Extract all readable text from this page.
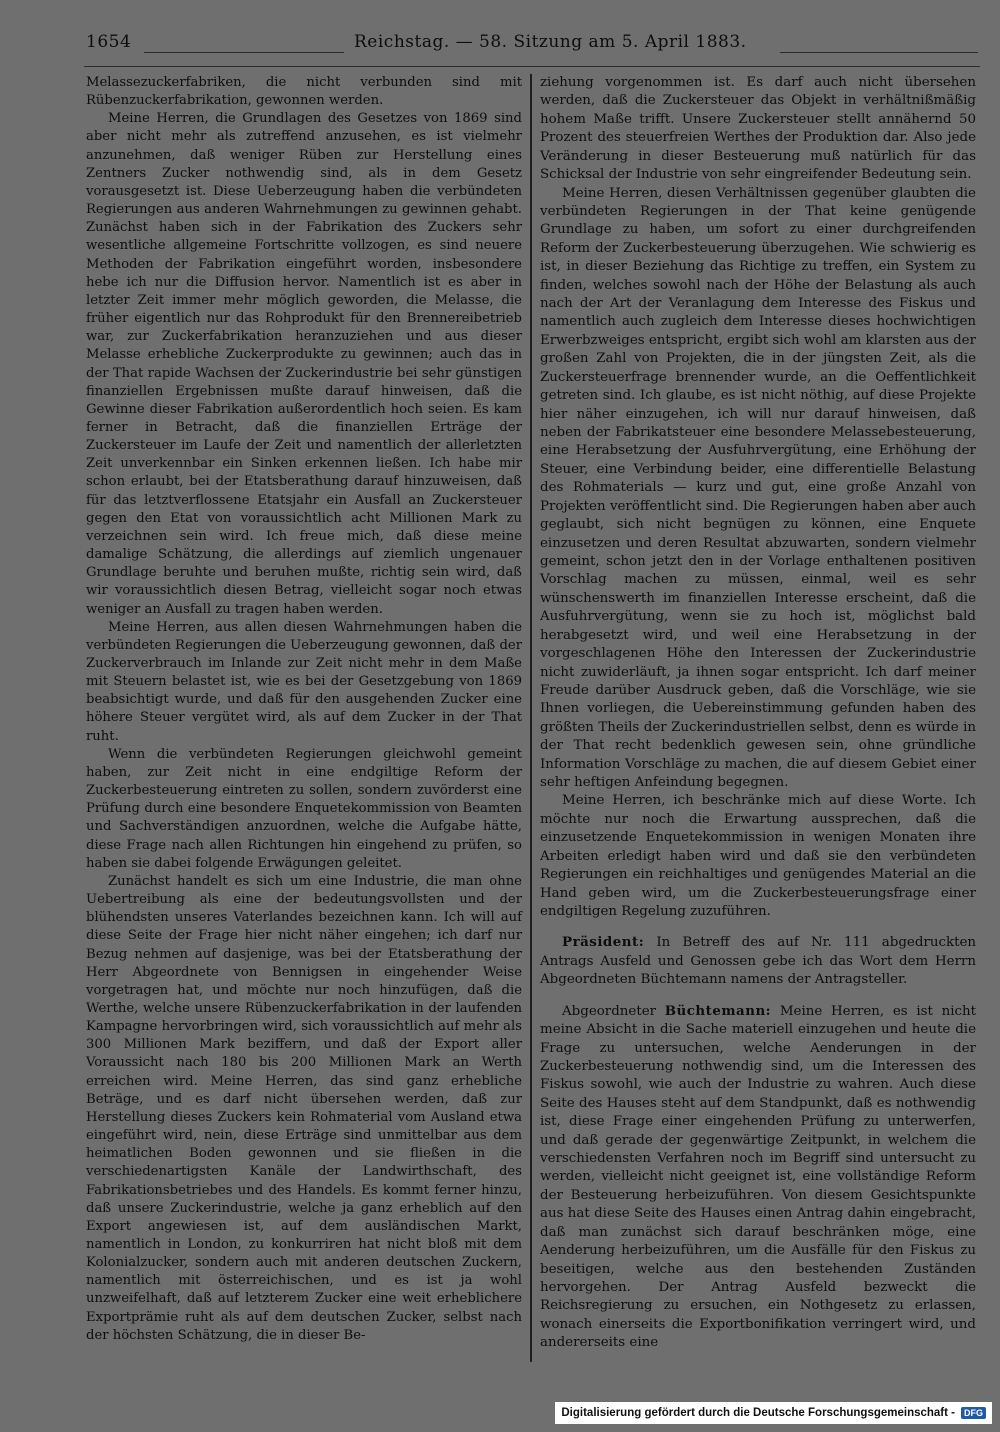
1654	Reichstag. — 58. Sitzung am 5. April 1883.

Melassezuckerfabriken, die nicht verbunden sind mit Rübenzuckerfabrikation, gewonnen werden.

Meine Herren, die Grundlagen des Gesetzes von 1869 sind aber nicht mehr als zutreffend anzusehen, es ist vielmehr anzunehmen, daß weniger Rüben zur Herstellung eines Zentners Zucker nothwendig sind, als in dem Gesetz vorausgesetzt ist. Diese Ueberzeugung haben die verbündeten Regierungen aus anderen Wahrnehmungen zu gewinnen gehabt. Zunächst haben sich in der Fabrikation des Zuckers sehr wesentliche allgemeine Fortschritte vollzogen, es sind neuere Methoden der Fabrikation eingeführt worden, insbesondere hebe ich nur die Diffusion hervor. Namentlich ist es aber in letzter Zeit immer mehr möglich geworden, die Melasse, die früher eigentlich nur das Rohprodukt für den Brennereibetrieb war, zur Zuckerfabrikation heranzuziehen und aus dieser Melasse erhebliche Zuckerprodukte zu gewinnen; auch das in der That rapide Wachsen der Zuckerindustrie bei sehr günstigen finanziellen Ergebnissen mußte darauf hinweisen, daß die Gewinne dieser Fabrikation außerordentlich hoch seien. Es kam ferner in Betracht, daß die finanziellen Erträge der Zuckersteuer im Laufe der Zeit und namentlich der allerletzten Zeit unverkennbar ein Sinken erkennen ließen. Ich habe mir schon erlaubt, bei der Etatsberathung darauf hinzuweisen, daß für das letztverflossene Etatsjahr ein Ausfall an Zuckersteuer gegen den Etat von voraussichtlich acht Millionen Mark zu verzeichnen sein wird. Ich freue mich, daß diese meine damalige Schätzung, die allerdings auf ziemlich ungenauer Grundlage beruhte und beruhen mußte, richtig sein wird, daß wir voraussichtlich diesen Betrag, vielleicht sogar noch etwas weniger an Ausfall zu tragen haben werden.

Meine Herren, aus allen diesen Wahrnehmungen haben die verbündeten Regierungen die Ueberzeugung gewonnen, daß der Zuckerverbrauch im Inlande zur Zeit nicht mehr in dem Maße mit Steuern belastet ist, wie es bei der Gesetzgebung von 1869 beabsichtigt wurde, und daß für den ausgehenden Zucker eine höhere Steuer vergütet wird, als auf dem Zucker in der That ruht.

Wenn die verbündeten Regierungen gleichwohl gemeint haben, zur Zeit nicht in eine endgiltige Reform der Zuckerbesteuerung eintreten zu sollen, sondern zuvörderst eine Prüfung durch eine besondere Enquetekommission von Beamten und Sachverständigen anzuordnen, welche die Aufgabe hätte, diese Frage nach allen Richtungen hin eingehend zu prüfen, so haben sie dabei folgende Erwägungen geleitet.

Zunächst handelt es sich um eine Industrie, die man ohne Uebertreibung als eine der bedeutungsvollsten und der blühendsten unseres Vaterlandes bezeichnen kann. Ich will auf diese Seite der Frage hier nicht näher eingehen; ich darf nur Bezug nehmen auf dasjenige, was bei der Etatsberathung der Herr Abgeordnete von Bennigsen in eingehender Weise vorgetragen hat, und möchte nur noch hinzufügen, daß die Werthe, welche unsere Rübenzuckerfabrikation in der laufenden Kampagne hervorbringen wird, sich voraussichtlich auf mehr als 300 Millionen Mark beziffern, und daß der Export aller Voraussicht nach 180 bis 200 Millionen Mark an Werth erreichen wird. Meine Herren, das sind ganz erhebliche Beträge, und es darf nicht übersehen werden, daß zur Herstellung dieses Zuckers kein Rohmaterial vom Ausland etwa eingeführt wird, nein, diese Erträge sind unmittelbar aus dem heimatlichen Boden gewonnen und sie fließen in die verschiedenartigsten Kanäle der Landwirthschaft, des Fabrikationsbetriebes und des Handels. Es kommt ferner hinzu, daß unsere Zuckerindustrie, welche ja ganz erheblich auf den Export angewiesen ist, auf dem ausländischen Markt, namentlich in London, zu konkurriren hat nicht bloß mit dem Kolonialzucker, sondern auch mit anderen deutschen Zuckern, namentlich mit österreichischen, und es ist ja wohl unzweifelhaft, daß auf letzterem Zucker eine weit erheblichere Exportprämie ruht als auf dem deutschen Zucker, selbst nach der höchsten Schätzung, die in dieser Be-

ziehung vorgenommen ist. Es darf auch nicht übersehen werden, daß die Zuckersteuer das Objekt in verhältnißmäßig hohem Maße trifft. Unsere Zuckersteuer stellt annähernd 50 Prozent des steuerfreien Werthes der Produktion dar. Also jede Veränderung in dieser Besteuerung muß natürlich für das Schicksal der Industrie von sehr eingreifender Bedeutung sein.

Meine Herren, diesen Verhältnissen gegenüber glaubten die verbündeten Regierungen in der That keine genügende Grundlage zu haben, um sofort zu einer durchgreifenden Reform der Zuckerbesteuerung überzugehen. Wie schwierig es ist, in dieser Beziehung das Richtige zu treffen, ein System zu finden, welches sowohl nach der Höhe der Belastung als auch nach der Art der Veranlagung dem Interesse des Fiskus und namentlich auch zugleich dem Interesse dieses hochwichtigen Erwerbzweiges entspricht, ergibt sich wohl am klarsten aus der großen Zahl von Projekten, die in der jüngsten Zeit, als die Zuckersteuerfrage brennender wurde, an die Oeffentlichkeit getreten sind. Ich glaube, es ist nicht nöthig, auf diese Projekte hier näher einzugehen, ich will nur darauf hinweisen, daß neben der Fabrikatsteuer eine besondere Melassebesteuerung, eine Herabsetzung der Ausfuhrvergütung, eine Erhöhung der Steuer, eine Verbindung beider, eine differentielle Belastung des Rohmaterials — kurz und gut, eine große Anzahl von Projekten veröffentlicht sind. Die Regierungen haben aber auch geglaubt, sich nicht begnügen zu können, eine Enquete einzusetzen und deren Resultat abzuwarten, sondern vielmehr gemeint, schon jetzt den in der Vorlage enthaltenen positiven Vorschlag machen zu müssen, einmal, weil es sehr wünschenswerth im finanziellen Interesse erscheint, daß die Ausfuhrvergütung, wenn sie zu hoch ist, möglichst bald herabgesetzt wird, und weil eine Herabsetzung in der vorgeschlagenen Höhe den Interessen der Zuckerindustrie nicht zuwiderläuft, ja ihnen sogar entspricht. Ich darf meiner Freude darüber Ausdruck geben, daß die Vorschläge, wie sie Ihnen vorliegen, die Uebereinstimmung gefunden haben des größten Theils der Zuckerindustriellen selbst, denn es würde in der That recht bedenklich gewesen sein, ohne gründliche Information Vorschläge zu machen, die auf diesem Gebiet einer sehr heftigen Anfeindung begegnen.

Meine Herren, ich beschränke mich auf diese Worte. Ich möchte nur noch die Erwartung aussprechen, daß die einzusetzende Enquetekommission in wenigen Monaten ihre Arbeiten erledigt haben wird und daß sie den verbündeten Regierungen ein reichhaltiges und genügendes Material an die Hand geben wird, um die Zuckerbesteuerungsfrage einer endgiltigen Regelung zuzuführen.

Präsident: In Betreff des auf Nr. 111 abgedruckten Antrags Ausfeld und Genossen gebe ich das Wort dem Herrn Abgeordneten Büchtemann namens der Antragsteller.

Abgeordneter Büchtemann: Meine Herren, es ist nicht meine Absicht in die Sache materiell einzugehen und heute die Frage zu untersuchen, welche Aenderungen in der Zuckerbesteuerung nothwendig sind, um die Interessen des Fiskus sowohl, wie auch der Industrie zu wahren. Auch diese Seite des Hauses steht auf dem Standpunkt, daß es nothwendig ist, diese Frage einer eingehenden Prüfung zu unterwerfen, und daß gerade der gegenwärtige Zeitpunkt, in welchem die verschiedensten Verfahren noch im Begriff sind untersucht zu werden, vielleicht nicht geeignet ist, eine vollständige Reform der Besteuerung herbeizuführen. Von diesem Gesichtspunkte aus hat diese Seite des Hauses einen Antrag dahin eingebracht, daß man zunächst sich darauf beschränken möge, eine Aenderung herbeizuführen, um die Ausfälle für den Fiskus zu beseitigen, welche aus den bestehenden Zuständen hervorgehen. Der Antrag Ausfeld bezweckt die Reichsregierung zu ersuchen, ein Nothgesetz zu erlassen, wonach einerseits die Exportbonifikation verringert wird, und andererseits eine

Digitalisierung gefördert durch die Deutsche Forschungsgemeinschaft -	DFG
